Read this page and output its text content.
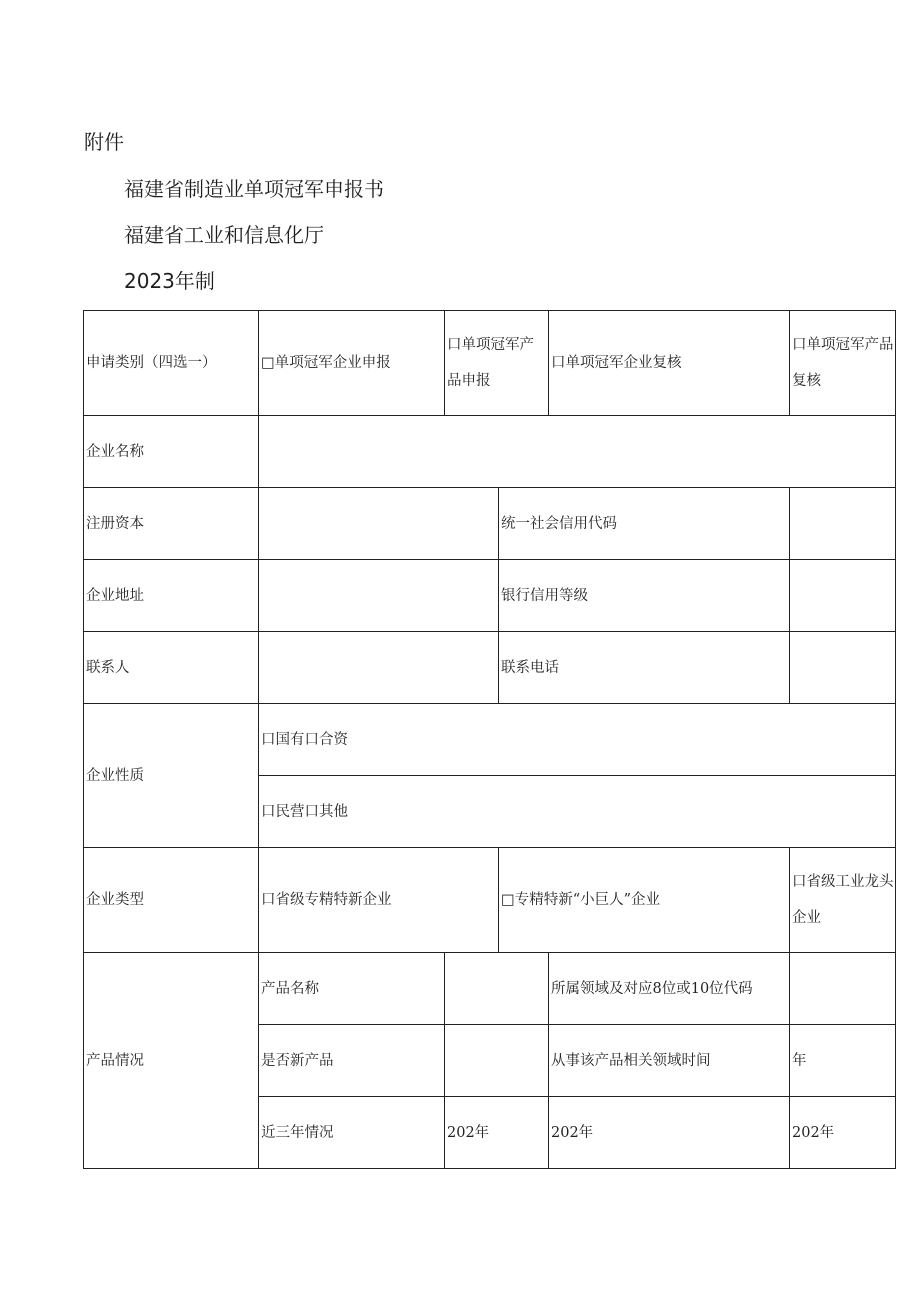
附件
福建省制造业单项冠军申报书
福建省工业和信息化厅
2023年制
申请类别（四选一）	□单项冠军企业申报	口单项冠军产品申报		口单项冠军企业复核	口单项冠军产品复核
企业名称					
注册资本			统一社会信用代码		
企业地址			银行信用等级		
联系人			联系电话		
企业性质	口国有口合资				
	口民营口其他				
企业类型	口省级专精特新企业		□专精特新“小巨人”企业		口省级工业龙头企业
产品情况	产品名称			所属领域及对应8位或10位代码	
	是否新产品			从事该产品相关领域时间	年
	近三年情况	202年		202年	202年
